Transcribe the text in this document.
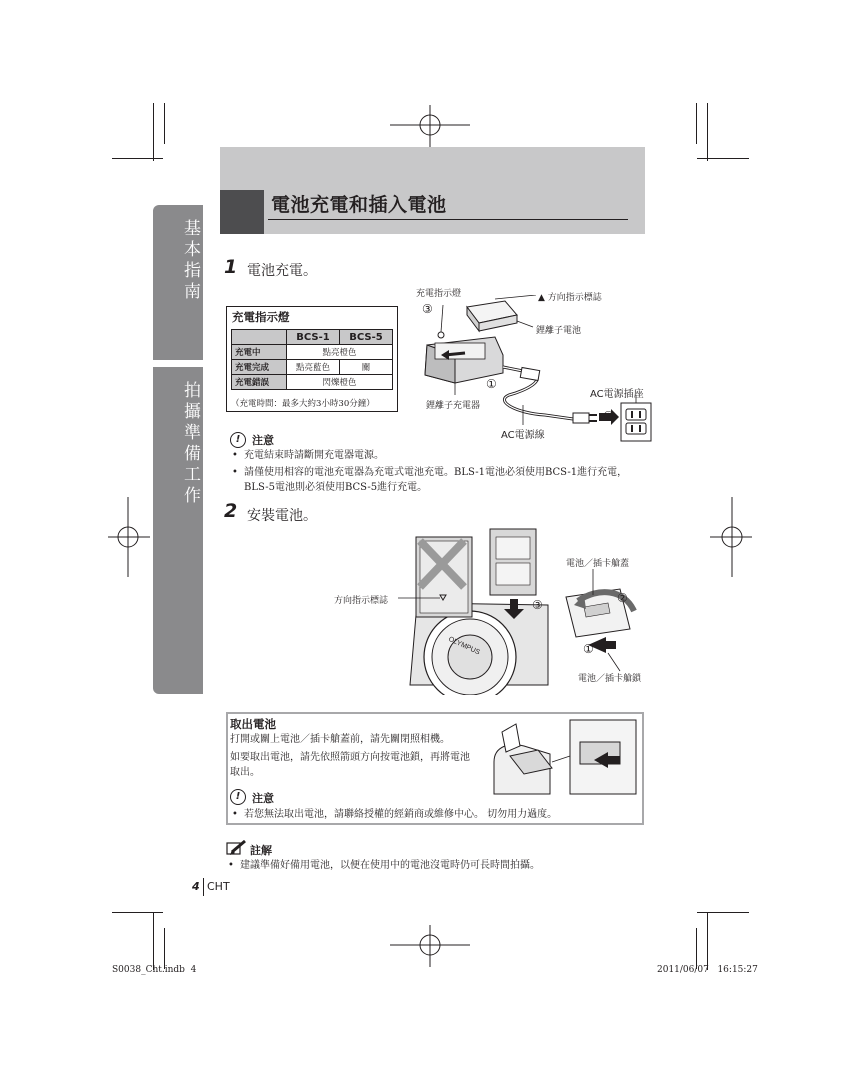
電池充電和插入電池
基本指南
拍攝準備工作
1 電池充電。
充電指示燈
	BCS-1	BCS-5
充電中	點亮橙色	
充電完成	點亮藍色	關
充電錯誤	閃爍橙色	
（充電時間：最多大約3小時30分鐘）
充電指示燈	▲ 方向指示標誌
鋰離子電池
③
①
②
AC電源插座
鋰離子充電器
AC電源線
!	注意
• 充電結束時請斷開充電器電源。
• 請僅使用相容的電池充電器為充電式電池充電。BLS-1電池必須使用BCS-1進行充電，BLS-5電池則必須使用BCS-5進行充電。
2 安裝電池。
OLYMPUS
方向指示標誌
電池／插卡艙蓋
電池／插卡艙鎖
③	②
①
取出電池
打開或關上電池／插卡艙蓋前，請先關閉照相機。
如要取出電池，請先依照箭頭方向按電池鎖，再將電池取出。
!	注意
• 若您無法取出電池，請聯絡授權的經銷商或維修中心。 切勿用力過度。
註解
• 建議準備好備用電池，以便在使用中的電池沒電時仍可長時間拍攝。
4 CHT
S0038_Cht.indb  4	2011/06/07   16:15:27
